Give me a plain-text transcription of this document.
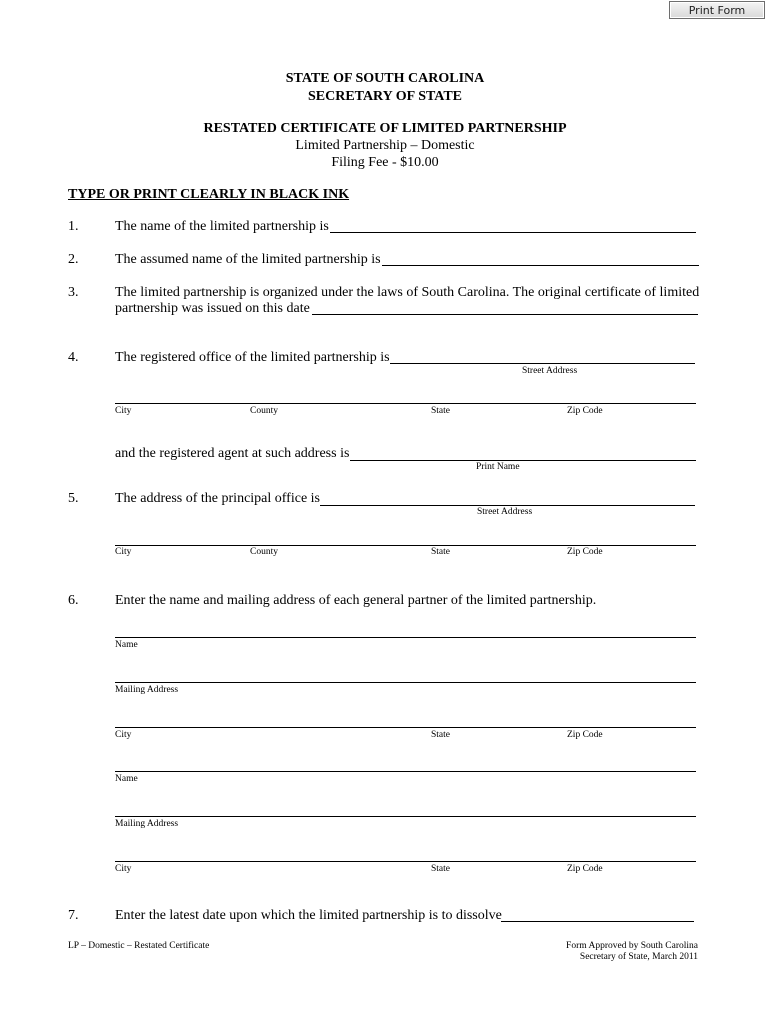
Print Form
STATE OF SOUTH CAROLINA
SECRETARY OF STATE
RESTATED CERTIFICATE OF LIMITED PARTNERSHIP
Limited Partnership – Domestic
Filing Fee - $10.00
TYPE OR PRINT CLEARLY IN BLACK INK
1.	The name of the limited partnership is
2.	The assumed name of the limited partnership is
3.	The limited partnership is organized under the laws of South Carolina. The original certificate of limited
partnership was issued on this date
4.	The registered office of the limited partnership is
Street Address
City	County	State	Zip Code
and the registered agent at such address is
Print Name
5.	The address of the principal office is
Street Address
City	County	State	Zip Code
6.	Enter the name and mailing address of each general partner of the limited partnership.
Name
Mailing Address
City	State	Zip Code
Name
Mailing Address
City	State	Zip Code
7.	Enter the latest date upon which the limited partnership is to dissolve
LP – Domestic – Restated Certificate	Form Approved by South Carolina
Secretary of State, March 2011
